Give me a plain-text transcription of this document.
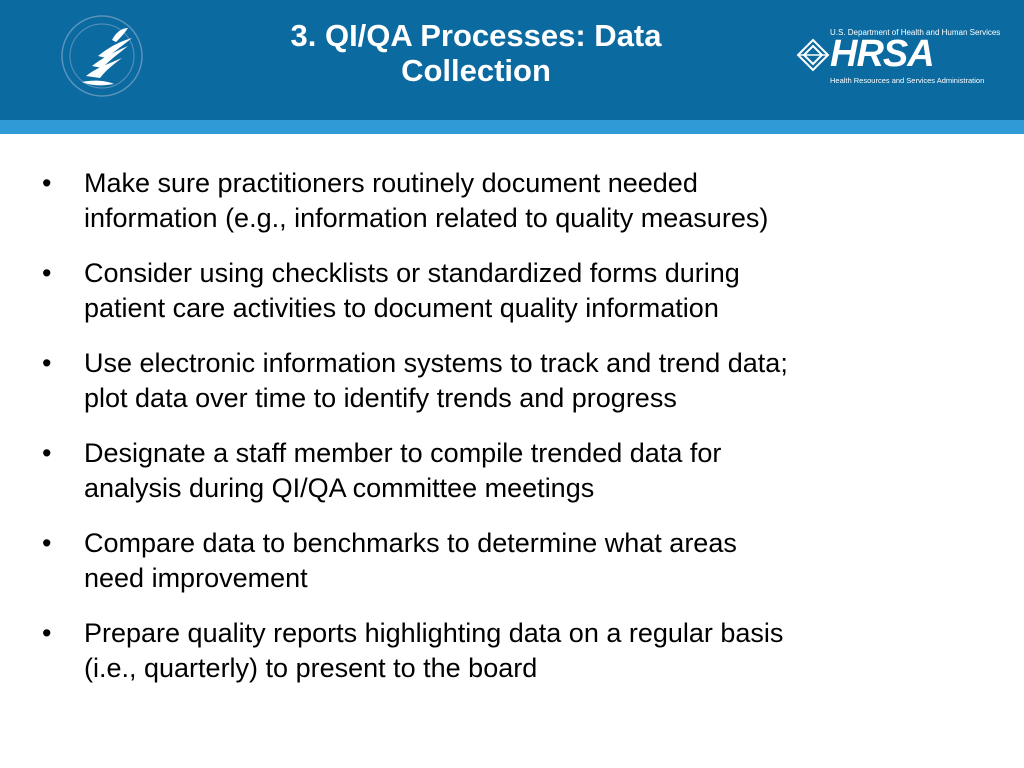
3. QI/QA Processes: Data
Collection
U.S. Department of Health and Human Services
HRSA
Health Resources and Services Administration
• Make sure practitioners routinely document needed
information (e.g., information related to quality measures)
• Consider using checklists or standardized forms during
patient care activities to document quality information
• Use electronic information systems to track and trend data;
plot data over time to identify trends and progress
• Designate a staff member to compile trended data for
analysis during QI/QA committee meetings
• Compare data to benchmarks to determine what areas
need improvement
• Prepare quality reports highlighting data on a regular basis
(i.e., quarterly) to present to the board
